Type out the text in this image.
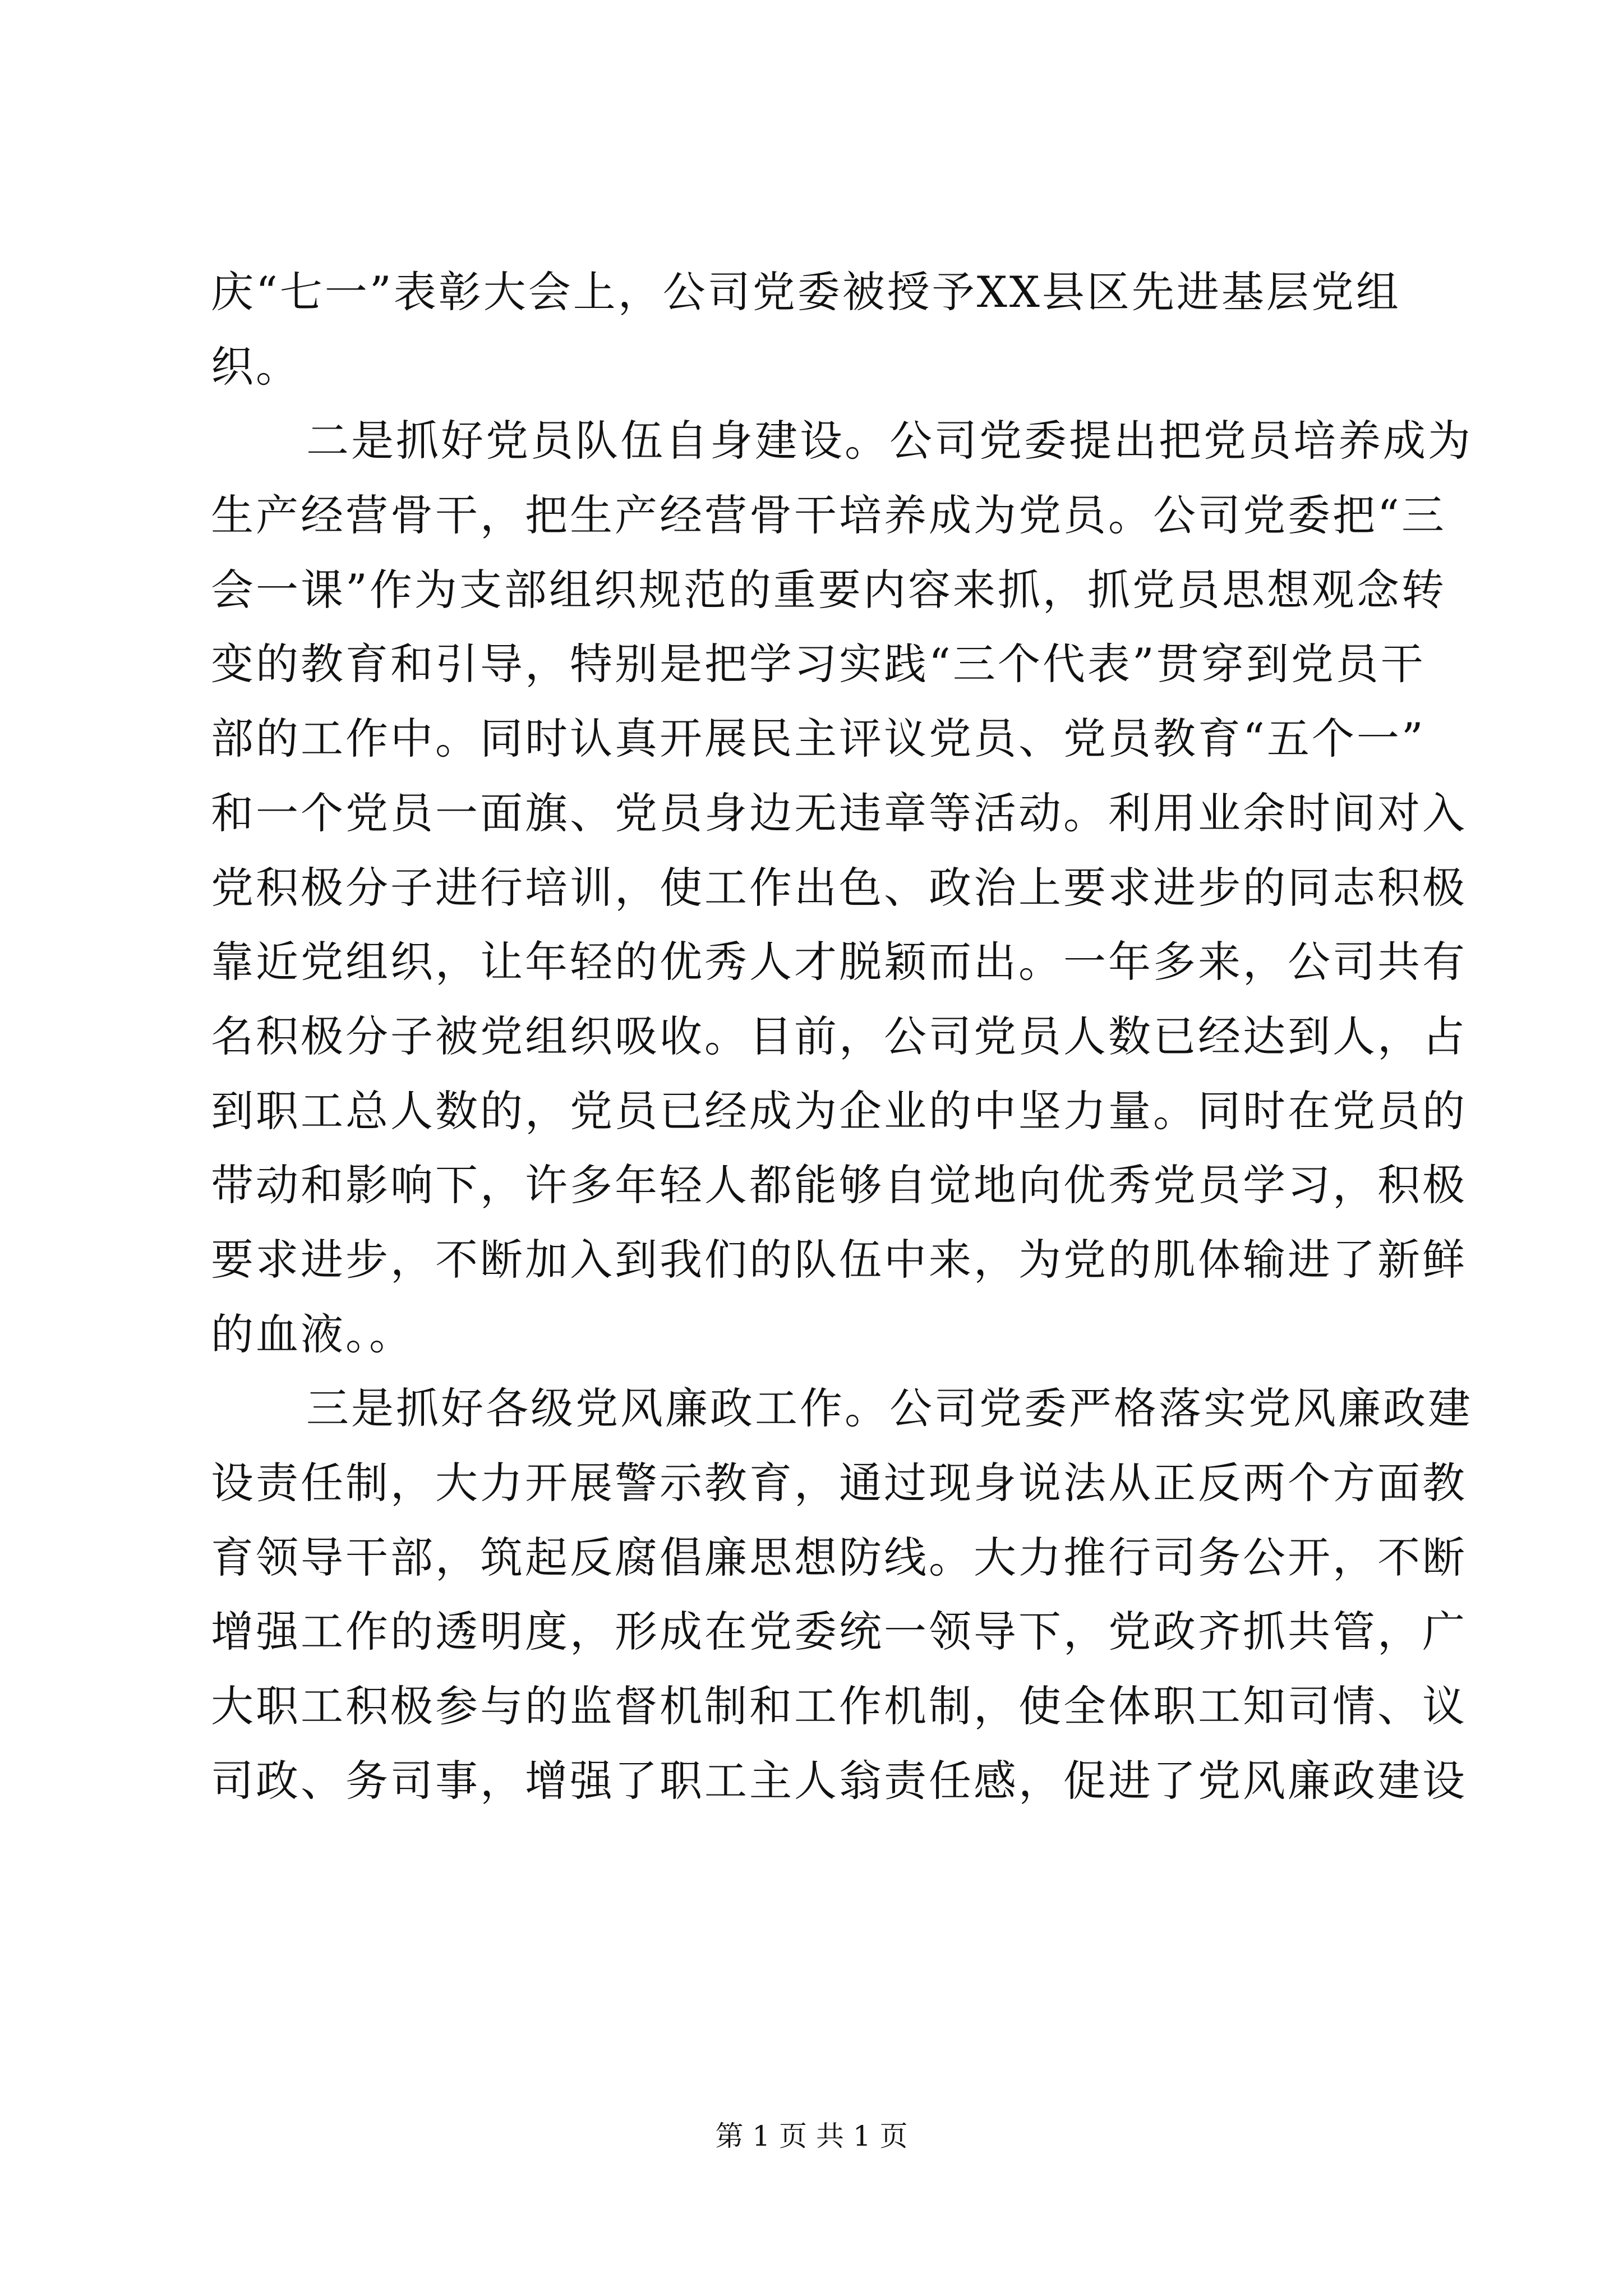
庆“七一”表彰大会上，公司党委被授予XX县区先进基层党组
织。
二是抓好党员队伍自身建设。公司党委提出把党员培养成为
生产经营骨干，把生产经营骨干培养成为党员。公司党委把“三
会一课”作为支部组织规范的重要内容来抓，抓党员思想观念转
变的教育和引导，特别是把学习实践“三个代表”贯穿到党员干
部的工作中。同时认真开展民主评议党员、党员教育“五个一”
和一个党员一面旗、党员身边无违章等活动。利用业余时间对入
党积极分子进行培训，使工作出色、政治上要求进步的同志积极
靠近党组织，让年轻的优秀人才脱颖而出。一年多来，公司共有
名积极分子被党组织吸收。目前，公司党员人数已经达到人，占
到职工总人数的，党员已经成为企业的中坚力量。同时在党员的
带动和影响下，许多年轻人都能够自觉地向优秀党员学习，积极
要求进步，不断加入到我们的队伍中来，为党的肌体输进了新鲜
的血液。。
三是抓好各级党风廉政工作。公司党委严格落实党风廉政建
设责任制，大力开展警示教育，通过现身说法从正反两个方面教
育领导干部，筑起反腐倡廉思想防线。大力推行司务公开，不断
增强工作的透明度，形成在党委统一领导下，党政齐抓共管，广
大职工积极参与的监督机制和工作机制，使全体职工知司情、议
司政、务司事，增强了职工主人翁责任感，促进了党风廉政建设
第 1 页 共 1 页
